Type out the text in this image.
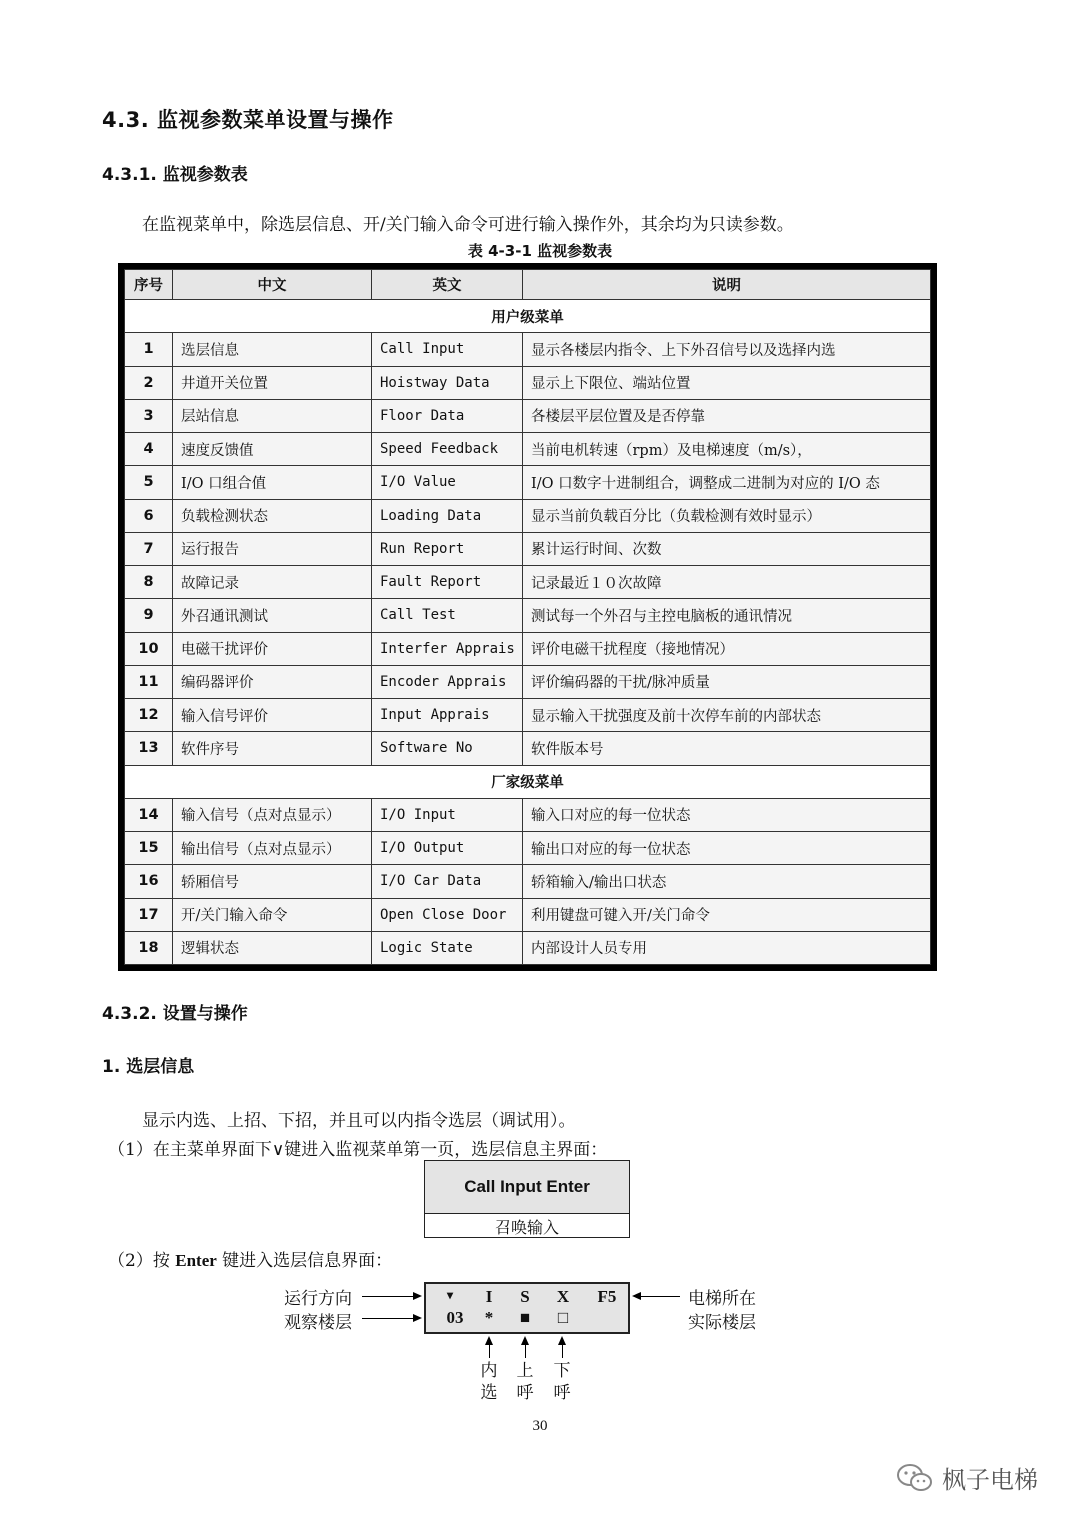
4.3. 监视参数菜单设置与操作
4.3.1. 监视参数表
在监视菜单中，除选层信息、开/关门输入命令可进行输入操作外，其余均为只读参数。
表 4-3-1 监视参数表
序号	中文	英文	说明
用户级菜单			
1	选层信息	Call Input	显示各楼层内指令、上下外召信号以及选择内选
2	井道开关位置	Hoistway Data	显示上下限位、端站位置
3	层站信息	Floor Data	各楼层平层位置及是否停靠
4	速度反馈值	Speed Feedback	当前电机转速（rpm）及电梯速度（m/s），
5	I/O 口组合值	I/O Value	I/O 口数字十进制组合，调整成二进制为对应的 I/O 态
6	负载检测状态	Loading Data	显示当前负载百分比（负载检测有效时显示）
7	运行报告	Run Report	累计运行时间、次数
8	故障记录	Fault Report	记录最近１０次故障
9	外召通讯测试	Call Test	测试每一个外召与主控电脑板的通讯情况
10	电磁干扰评价	Interfer Apprais	评价电磁干扰程度（接地情况）
11	编码器评价	Encoder Apprais	评价编码器的干扰/脉冲质量
12	输入信号评价	Input Apprais	显示输入干扰强度及前十次停车前的内部状态
13	软件序号	Software No	软件版本号
厂家级菜单			
14	输入信号（点对点显示）	I/O Input	输入口对应的每一位状态
15	输出信号（点对点显示）	I/O Output	输出口对应的每一位状态
16	轿厢信号	I/O Car Data	轿箱输入/输出口状态
17	开/关门输入命令	Open Close Door	利用键盘可键入开/关门命令
18	逻辑状态	Logic State	内部设计人员专用
4.3.2. 设置与操作
1. 选层信息
显示内选、上招、下招，并且可以内指令选层（调试用）。
（1）在主菜单界面下∨键进入监视菜单第一页，选层信息主界面：
Call Input Enter
召唤输入
（2）按 Enter 键进入选层信息界面：
运行方向
观察楼层
▾	I	S	X	F5
03	*	■	□
电梯所在
实际楼层
内
选
上
呼
下
呼
30
枫子电梯
